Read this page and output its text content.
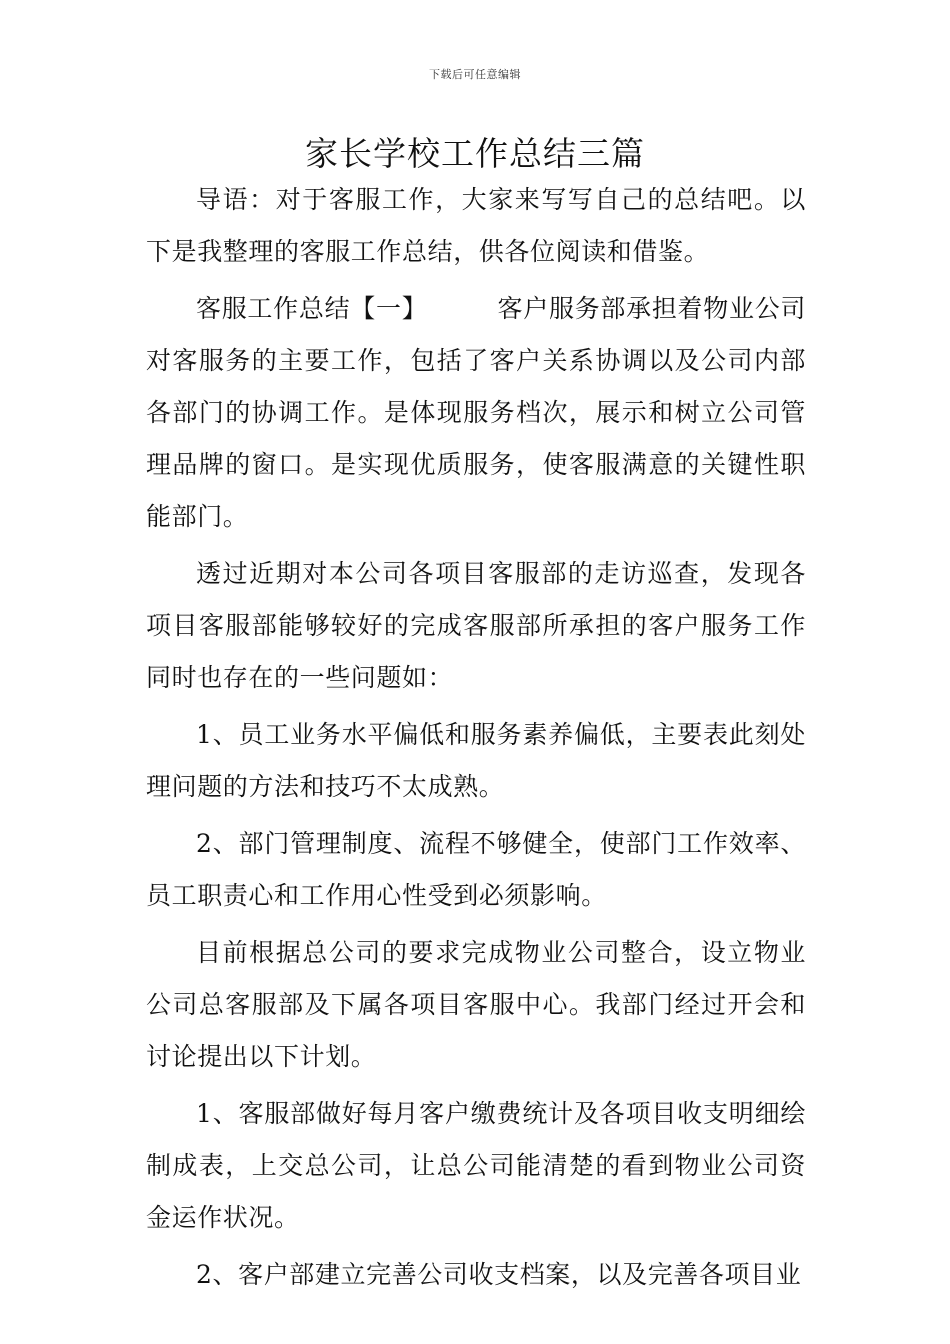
下载后可任意编辑
家长学校工作总结三篇

导语：对于客服工作，大家来写写自己的总结吧。以下是我整理的客服工作总结，供各位阅读和借鉴。

客服工作总结【一】	客户服务部承担着物业公司对客服务的主要工作，包括了客户关系协调以及公司内部各部门的协调工作。是体现服务档次，展示和树立公司管理品牌的窗口。是实现优质服务，使客服满意的关键性职能部门。

透过近期对本公司各项目客服部的走访巡查，发现各项目客服部能够较好的完成客服部所承担的客户服务工作同时也存在的一些问题如：

1、员工业务水平偏低和服务素养偏低，主要表此刻处理问题的方法和技巧不太成熟。

2、部门管理制度、流程不够健全，使部门工作效率、员工职责心和工作用心性受到必须影响。

目前根据总公司的要求完成物业公司整合，设立物业公司总客服部及下属各项目客服中心。我部门经过开会和讨论提出以下计划。

1、客服部做好每月客户缴费统计及各项目收支明细绘制成表，上交总公司，让总公司能清楚的看到物业公司资金运作状况。

2、客户部建立完善公司收支档案，以及完善各项目业
